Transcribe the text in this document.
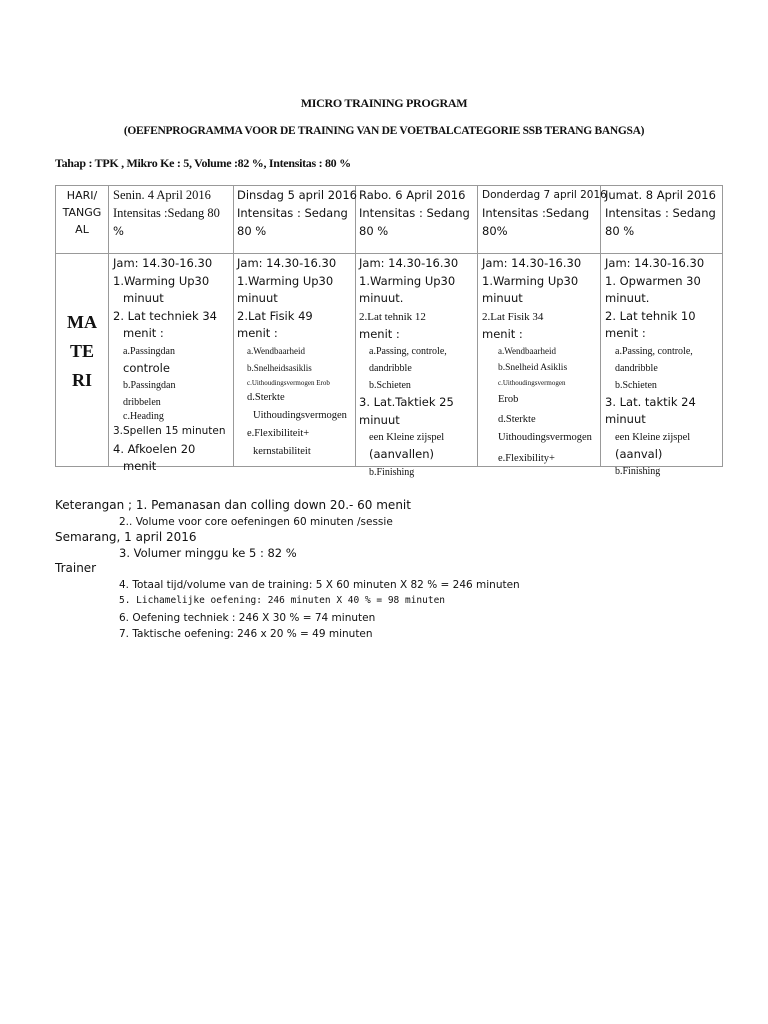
MICRO TRAINING PROGRAM
(OEFENPROGRAMMA VOOR DE TRAINING VAN DE VOETBALCATEGORIE SSB TERANG BANGSA)
Tahap : TPK , Mikro Ke : 5, Volume :82 %, Intensitas : 80 %
HARI/
TANGG
AL
Senin. 4 April 2016
Intensitas :Sedang 80
%
Dinsdag 5 april 2016
Intensitas : Sedang
80 %
Rabo. 6 April 2016
Intensitas : Sedang
80 %
Donderdag 7 april 2016
Intensitas :Sedang
80%
Jumat. 8 April 2016
Intensitas : Sedang
80 %
MA
TE
RI
Jam: 14.30-16.30
1.Warming Up30
minuut
2. Lat techniek 34
menit :
a.Passingdan
controle
b.Passingdan
dribbelen
c.Heading
3.Spellen 15 minuten
4. Afkoelen 20
menit
Jam: 14.30-16.30
1.Warming Up30
minuut
2.Lat Fisik 49
menit :
a.Wendbaarheid
b.Snelheidsasiklis
c.Uithoudingsvermogen Erob
d.Sterkte
Uithoudingsvermogen
e.Flexibiliteit+
kernstabiliteit
Jam: 14.30-16.30
1.Warming Up30
minuut.
2.Lat tehnik 12
menit :
a.Passing, controle,
dandribble
b.Schieten
3. Lat.Taktiek 25
minuut
een Kleine zijspel
(aanvallen)
b.Finishing
Jam: 14.30-16.30
1.Warming Up30
minuut
2.Lat Fisik 34
menit :
a.Wendbaarheid
b.Snelheid Asiklis
c.Uithoudingsvermogen
Erob
d.Sterkte
Uithoudingsvermogen
e.Flexibility+
Jam: 14.30-16.30
1. Opwarmen 30
minuut.
2. Lat tehnik 10
menit :
a.Passing, controle,
dandribble
b.Schieten
3. Lat. taktik 24
minuut
een Kleine zijspel
(aanval)
b.Finishing
Keterangan ; 1. Pemanasan dan colling down 20.- 60 menit
2.. Volume voor core oefeningen 60 minuten /sessie
Semarang, 1 april 2016
3. Volumer minggu ke 5 : 82 %
Trainer
4. Totaal tijd/volume van de training: 5 X 60 minuten X 82 % = 246 minuten
5. Lichamelijke oefening: 246 minuten X 40 % = 98 minuten
6. Oefening techniek : 246 X 30 % = 74 minuten
7. Taktische oefening: 246 x 20 % = 49 minuten
